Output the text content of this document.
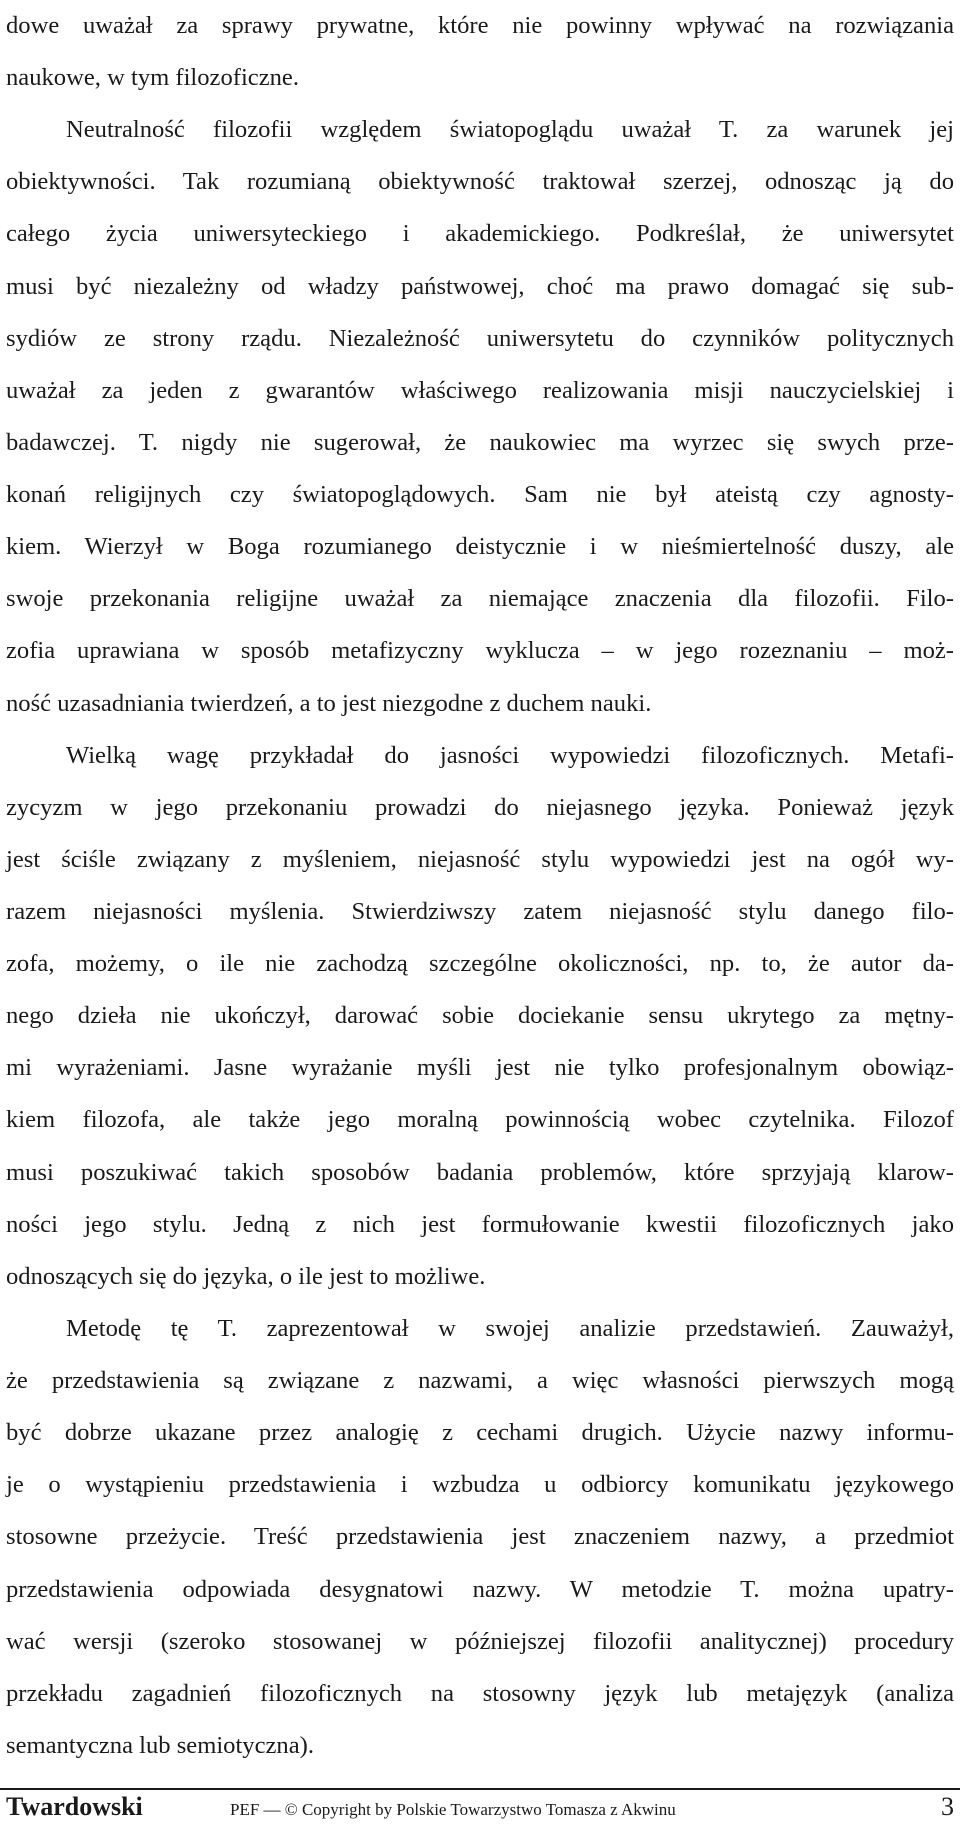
dowe uważał za sprawy prywatne, które nie powinny wpływać na rozwiązania
naukowe, w tym filozoficzne.
Neutralność filozofii względem światopoglądu uważał T. za warunek jej
obiektywności. Tak rozumianą obiektywność traktował szerzej, odnosząc ją do
całego życia uniwersyteckiego i akademickiego. Podkreślał, że uniwersytet
musi być niezależny od władzy państwowej, choć ma prawo domagać się sub-
sydiów ze strony rządu. Niezależność uniwersytetu do czynników politycznych
uważał za jeden z gwarantów właściwego realizowania misji nauczycielskiej i
badawczej. T. nigdy nie sugerował, że naukowiec ma wyrzec się swych prze-
konań religijnych czy światopoglądowych. Sam nie był ateistą czy agnosty-
kiem. Wierzył w Boga rozumianego deistycznie i w nieśmiertelność duszy, ale
swoje przekonania religijne uważał za niemające znaczenia dla filozofii. Filo-
zofia uprawiana w sposób metafizyczny wyklucza – w jego rozeznaniu – moż-
ność uzasadniania twierdzeń, a to jest niezgodne z duchem nauki.
Wielką wagę przykładał do jasności wypowiedzi filozoficznych. Metafi-
zycyzm w jego przekonaniu prowadzi do niejasnego języka. Ponieważ język
jest ściśle związany z myśleniem, niejasność stylu wypowiedzi jest na ogół wy-
razem niejasności myślenia. Stwierdziwszy zatem niejasność stylu danego filo-
zofa, możemy, o ile nie zachodzą szczególne okoliczności, np. to, że autor da-
nego dzieła nie ukończył, darować sobie dociekanie sensu ukrytego za mętny-
mi wyrażeniami. Jasne wyrażanie myśli jest nie tylko profesjonalnym obowiąz-
kiem filozofa, ale także jego moralną powinnością wobec czytelnika. Filozof
musi poszukiwać takich sposobów badania problemów, które sprzyjają klarow-
ności jego stylu. Jedną z nich jest formułowanie kwestii filozoficznych jako
odnoszących się do języka, o ile jest to możliwe.
Metodę tę T. zaprezentował w swojej analizie przedstawień. Zauważył,
że przedstawienia są związane z nazwami, a więc własności pierwszych mogą
być dobrze ukazane przez analogię z cechami drugich. Użycie nazwy informu-
je o wystąpieniu przedstawienia i wzbudza u odbiorcy komunikatu językowego
stosowne przeżycie. Treść przedstawienia jest znaczeniem nazwy, a przedmiot
przedstawienia odpowiada desygnatowi nazwy. W metodzie T. można upatry-
wać wersji (szeroko stosowanej w późniejszej filozofii analitycznej) procedury
przekładu zagadnień filozoficznych na stosowny język lub metajęzyk (analiza
semantyczna lub semiotyczna).
Twardowski	PEF — © Copyright by Polskie Towarzystwo Tomasza z Akwinu	3
